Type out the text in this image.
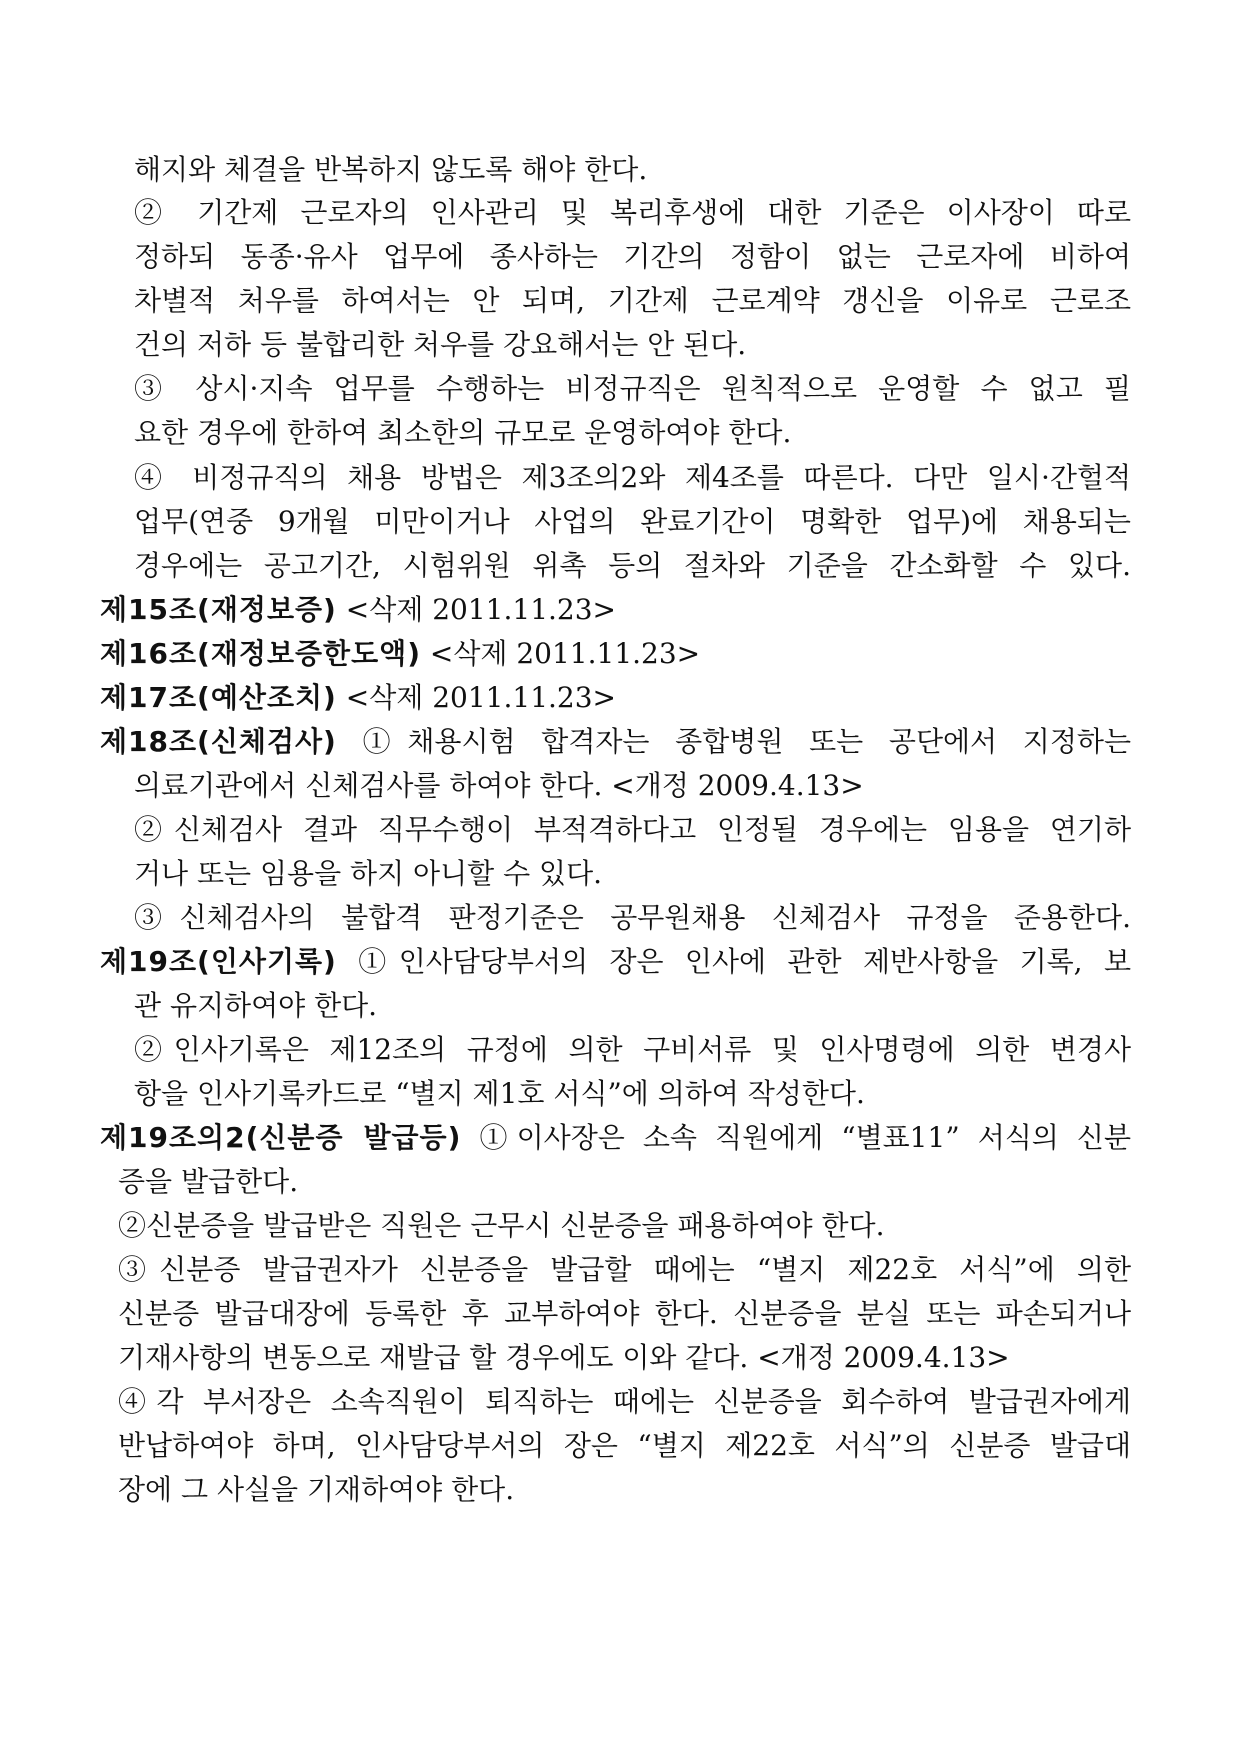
해지와 체결을 반복하지 않도록 해야 한다.
② 기간제 근로자의 인사관리 및 복리후생에 대한 기준은 이사장이 따로
정하되 동종·유사 업무에 종사하는 기간의 정함이 없는 근로자에 비하여
차별적 처우를 하여서는 안 되며, 기간제 근로계약 갱신을 이유로 근로조
건의 저하 등 불합리한 처우를 강요해서는 안 된다.
③ 상시·지속 업무를 수행하는 비정규직은 원칙적으로 운영할 수 없고 필
요한 경우에 한하여 최소한의 규모로 운영하여야 한다.
④ 비정규직의 채용 방법은 제3조의2와 제4조를 따른다. 다만 일시·간헐적
업무(연중 9개월 미만이거나 사업의 완료기간이 명확한 업무)에 채용되는
경우에는 공고기간, 시험위원 위촉 등의 절차와 기준을 간소화할 수 있다.
제15조(재정보증) <삭제 2011.11.23>
제16조(재정보증한도액) <삭제 2011.11.23>
제17조(예산조치) <삭제 2011.11.23>
제18조(신체검사) ①채용시험 합격자는 종합병원 또는 공단에서 지정하는
의료기관에서 신체검사를 하여야 한다. <개정 2009.4.13>
②신체검사 결과 직무수행이 부적격하다고 인정될 경우에는 임용을 연기하
거나 또는 임용을 하지 아니할 수 있다.
③신체검사의 불합격 판정기준은 공무원채용 신체검사 규정을 준용한다.
제19조(인사기록) ①인사담당부서의 장은 인사에 관한 제반사항을 기록, 보
관 유지하여야 한다.
②인사기록은 제12조의 규정에 의한 구비서류 및 인사명령에 의한 변경사
항을 인사기록카드로 “별지 제1호 서식”에 의하여 작성한다.
제19조의2(신분증 발급등) ①이사장은 소속 직원에게 “별표11” 서식의 신분
증을 발급한다.
②신분증을 발급받은 직원은 근무시 신분증을 패용하여야 한다.
③신분증 발급권자가 신분증을 발급할 때에는 “별지 제22호 서식”에 의한
신분증 발급대장에 등록한 후 교부하여야 한다. 신분증을 분실 또는 파손되거나
기재사항의 변동으로 재발급 할 경우에도 이와 같다. <개정 2009.4.13>
④각 부서장은 소속직원이 퇴직하는 때에는 신분증을 회수하여 발급권자에게
반납하여야 하며, 인사담당부서의 장은 “별지 제22호 서식”의 신분증 발급대
장에 그 사실을 기재하여야 한다.
